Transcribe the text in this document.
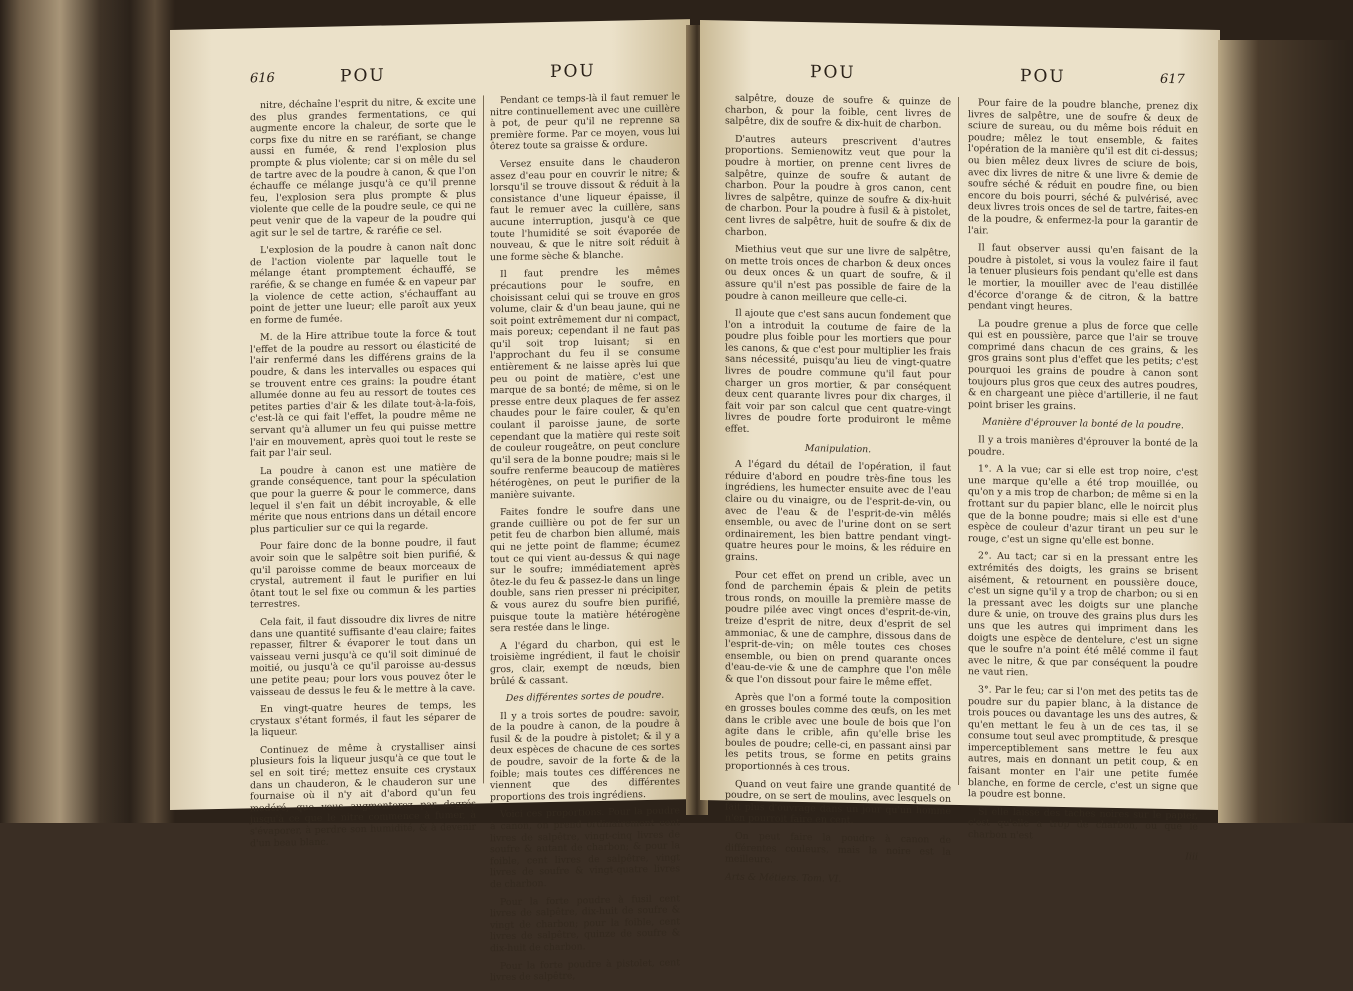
616	POU	POU

nitre, déchaîne l'esprit du nitre, & excite une des plus grandes fermentations, ce qui augmente encore la chaleur, de sorte que le corps fixe du nitre en se raréfiant, se change aussi en fumée, & rend l'explosion plus prompte & plus violente; car si on mêle du sel de tartre avec de la poudre à canon, & que l'on échauffe ce mélange jusqu'à ce qu'il prenne feu, l'explosion sera plus prompte & plus violente que celle de la poudre seule, ce qui ne peut venir que de la vapeur de la poudre qui agit sur le sel de tartre, & raréfie ce sel.

L'explosion de la poudre à canon naît donc de l'action violente par laquelle tout le mélange étant promptement échauffé, se raréfie, & se change en fumée & en vapeur par la violence de cette action, s'échauffant au point de jetter une lueur; elle paroît aux yeux en forme de fumée.

M. de la Hire attribue toute la force & tout l'effet de la poudre au ressort ou élasticité de l'air renfermé dans les différens grains de la poudre, & dans les intervalles ou espaces qui se trouvent entre ces grains: la poudre étant allumée donne au feu au ressort de toutes ces petites parties d'air & les dilate tout-à-la-fois, c'est-là ce qui fait l'effet, la poudre même ne servant qu'à allumer un feu qui puisse mettre l'air en mouvement, après quoi tout le reste se fait par l'air seul.

La poudre à canon est une matière de grande conséquence, tant pour la spéculation que pour la guerre & pour le commerce, dans lequel il s'en fait un débit incroyable, & elle mérite que nous entrions dans un détail encore plus particulier sur ce qui la regarde.

Pour faire donc de la bonne poudre, il faut avoir soin que le salpêtre soit bien purifié, & qu'il paroisse comme de beaux morceaux de crystal, autrement il faut le purifier en lui ôtant tout le sel fixe ou commun & les parties terrestres.

Cela fait, il faut dissoudre dix livres de nitre dans une quantité suffisante d'eau claire; faites repasser, filtrer & évaporer le tout dans un vaisseau verni jusqu'à ce qu'il soit diminué de moitié, ou jusqu'à ce qu'il paroisse au-dessus une petite peau; pour lors vous pouvez ôter le vaisseau de dessus le feu & le mettre à la cave.

En vingt-quatre heures de temps, les crystaux s'étant formés, il faut les séparer de la liqueur.

Continuez de même à crystalliser ainsi plusieurs fois la liqueur jusqu'à ce que tout le sel en soit tiré; mettez ensuite ces crystaux dans un chauderon, & le chauderon sur une fournaise où il n'y ait d'abord qu'un feu modéré, que vous augmenterez par degrés jusqu'à ce que le nitre commence à fumer, à s'évaporer, à perdre son humidité, & à devenir d'un beau blanc.

Pendant ce temps-là il faut remuer le nitre continuellement avec une cuillère à pot, de peur qu'il ne reprenne sa première forme. Par ce moyen, vous lui ôterez toute sa graisse & ordure.

Versez ensuite dans le chauderon assez d'eau pour en couvrir le nitre; & lorsqu'il se trouve dissout & réduit à la consistance d'une liqueur épaisse, il faut le remuer avec la cuillère, sans aucune interruption, jusqu'à ce que toute l'humidité se soit évaporée de nouveau, & que le nitre soit réduit à une forme sèche & blanche.

Il faut prendre les mêmes précautions pour le soufre, en choisissant celui qui se trouve en gros volume, clair & d'un beau jaune, qui ne soit point extrêmement dur ni compact, mais poreux; cependant il ne faut pas qu'il soit trop luisant; si en l'approchant du feu il se consume entièrement & ne laisse après lui que peu ou point de matière, c'est une marque de sa bonté; de même, si on le presse entre deux plaques de fer assez chaudes pour le faire couler, & qu'en coulant il paroisse jaune, de sorte cependant que la matière qui reste soit de couleur rougeâtre, on peut conclure qu'il sera de la bonne poudre; mais si le soufre renferme beaucoup de matières hétérogènes, on peut le purifier de la manière suivante.

Faites fondre le soufre dans une grande cuillière ou pot de fer sur un petit feu de charbon bien allumé, mais qui ne jette point de flamme; écumez tout ce qui vient au-dessus & qui nage sur le soufre; immédiatement après ôtez-le du feu & passez-le dans un linge double, sans rien presser ni précipiter, & vous aurez du soufre bien purifié, puisque toute la matière hétérogène sera restée dans le linge.

A l'égard du charbon, qui est le troisième ingrédient, il faut le choisir gros, clair, exempt de nœuds, bien brûlé & cassant.

Des différentes sortes de poudre.

Il y a trois sortes de poudre: savoir, de la poudre à canon, de la poudre à fusil & de la poudre à pistolet; & il y a deux espèces de chacune de ces sortes de poudre, savoir de la forte & de la foible; mais toutes ces différences ne viennent que des différentes proportions des trois ingrédiens.

Voici ces proportions. Pour la poudre à canon, on prend ordinairement cent livres de salpêtre, vingt-cinq livres de soufre & autant de charbon; & pour la foible, cent livres de salpêtre, vingt livres de soufre & vingt-quatre livres de charbon.

Pour la forte poudre à fusil cent livres de salpêtre, dix-huit de soufre & vingt de charbon; pour la foible, cent livres de salpêtre, quinze de soufre & dix-huit de charbon.

Pour la forte poudre à pistolet, cent livres de salpêtre,

POU	POU	617

salpêtre, douze de soufre & quinze de charbon, & pour la foible, cent livres de salpêtre, dix de soufre & dix-huit de charbon.

D'autres auteurs prescrivent d'autres proportions. Semienowitz veut que pour la poudre à mortier, on prenne cent livres de salpêtre, quinze de soufre & autant de charbon. Pour la poudre à gros canon, cent livres de salpêtre, quinze de soufre & dix-huit de charbon. Pour la poudre à fusil & à pistolet, cent livres de salpêtre, huit de soufre & dix de charbon.

Miethius veut que sur une livre de salpêtre, on mette trois onces de charbon & deux onces ou deux onces & un quart de soufre, & il assure qu'il n'est pas possible de faire de la poudre à canon meilleure que celle-ci.

Il ajoute que c'est sans aucun fondement que l'on a introduit la coutume de faire de la poudre plus foible pour les mortiers que pour les canons, & que c'est pour multiplier les frais sans nécessité, puisqu'au lieu de vingt-quatre livres de poudre commune qu'il faut pour charger un gros mortier, & par conséquent deux cent quarante livres pour dix charges, il fait voir par son calcul que cent quatre-vingt livres de poudre forte produiront le même effet.

Manipulation.

A l'égard du détail de l'opération, il faut réduire d'abord en poudre très-fine tous les ingrédiens, les humecter ensuite avec de l'eau claire ou du vinaigre, ou de l'esprit-de-vin, ou avec de l'eau & de l'esprit-de-vin mêlés ensemble, ou avec de l'urine dont on se sert ordinairement, les bien battre pendant vingt-quatre heures pour le moins, & les réduire en grains.

Pour cet effet on prend un crible, avec un fond de parchemin épais & plein de petits trous ronds, on mouille la première masse de poudre pilée avec vingt onces d'esprit-de-vin, treize d'esprit de nitre, deux d'esprit de sel ammoniac, & une de camphre, dissous dans de l'esprit-de-vin; on mêle toutes ces choses ensemble, ou bien on prend quarante onces d'eau-de-vie & une de camphre que l'on mêle & que l'on dissout pour faire le même effet.

Après que l'on a formé toute la composition en grosses boules comme des œufs, on les met dans le crible avec une boule de bois que l'on agite dans le crible, afin qu'elle brise les boules de poudre; celle-ci, en passant ainsi par les petits trous, se forme en petits grains proportionnés à ces trous.

Quand on veut faire une grande quantité de poudre, on se sert de moulins, avec lesquels on fait plus d'ouvrage dans un jour qu'un homme n'en pourroit faire en cent.

On peut faire la poudre à canon de différentes couleurs, mais la noire est la meilleure.

Arts & Métiers. Tom. VI.

Pour faire de la poudre blanche, prenez dix livres de salpêtre, une de soufre & deux de sciure de sureau, ou du même bois réduit en poudre; mêlez le tout ensemble, & faites l'opération de la manière qu'il est dit ci-dessus; ou bien mêlez deux livres de sciure de bois, avec dix livres de nitre & une livre & demie de soufre séché & réduit en poudre fine, ou bien encore du bois pourri, séché & pulvérisé, avec deux livres trois onces de sel de tartre, faites-en de la poudre, & enfermez-la pour la garantir de l'air.

Il faut observer aussi qu'en faisant de la poudre à pistolet, si vous la voulez faire il faut la tenuer plusieurs fois pendant qu'elle est dans le mortier, la mouiller avec de l'eau distillée d'écorce d'orange & de citron, & la battre pendant vingt heures.

La poudre grenue a plus de force que celle qui est en poussière, parce que l'air se trouve comprimé dans chacun de ces grains, & les gros grains sont plus d'effet que les petits; c'est pourquoi les grains de poudre à canon sont toujours plus gros que ceux des autres poudres, & en chargeant une pièce d'artillerie, il ne faut point briser les grains.

Manière d'éprouver la bonté de la poudre.

Il y a trois manières d'éprouver la bonté de la poudre.

1°. A la vue; car si elle est trop noire, c'est une marque qu'elle a été trop mouillée, ou qu'on y a mis trop de charbon; de même si en la frottant sur du papier blanc, elle le noircit plus que de la bonne poudre; mais si elle est d'une espèce de couleur d'azur tirant un peu sur le rouge, c'est un signe qu'elle est bonne.

2°. Au tact; car si en la pressant entre les extrémités des doigts, les grains se brisent aisément, & retournent en poussière douce, c'est un signe qu'il y a trop de charbon; ou si en la pressant avec les doigts sur une planche dure & unie, on trouve des grains plus durs les uns que les autres qui impriment dans les doigts une espèce de dentelure, c'est un signe que le soufre n'a point été mêlé comme il faut avec le nitre, & que par conséquent la poudre ne vaut rien.

3°. Par le feu; car si l'on met des petits tas de poudre sur du papier blanc, à la distance de trois pouces ou davantage les uns des autres, & qu'en mettant le feu à un de ces tas, il se consume tout seul avec promptitude, & presque imperceptiblement sans mettre le feu aux autres, mais en donnant un petit coup, & en faisant monter en l'air une petite fumée blanche, en forme de cercle, c'est un signe que la poudre est bonne.

Si elle laisse des taches noires sur le papier, c'est qu'elle a trop de charbon, ou que le charbon n'est

Iiii
